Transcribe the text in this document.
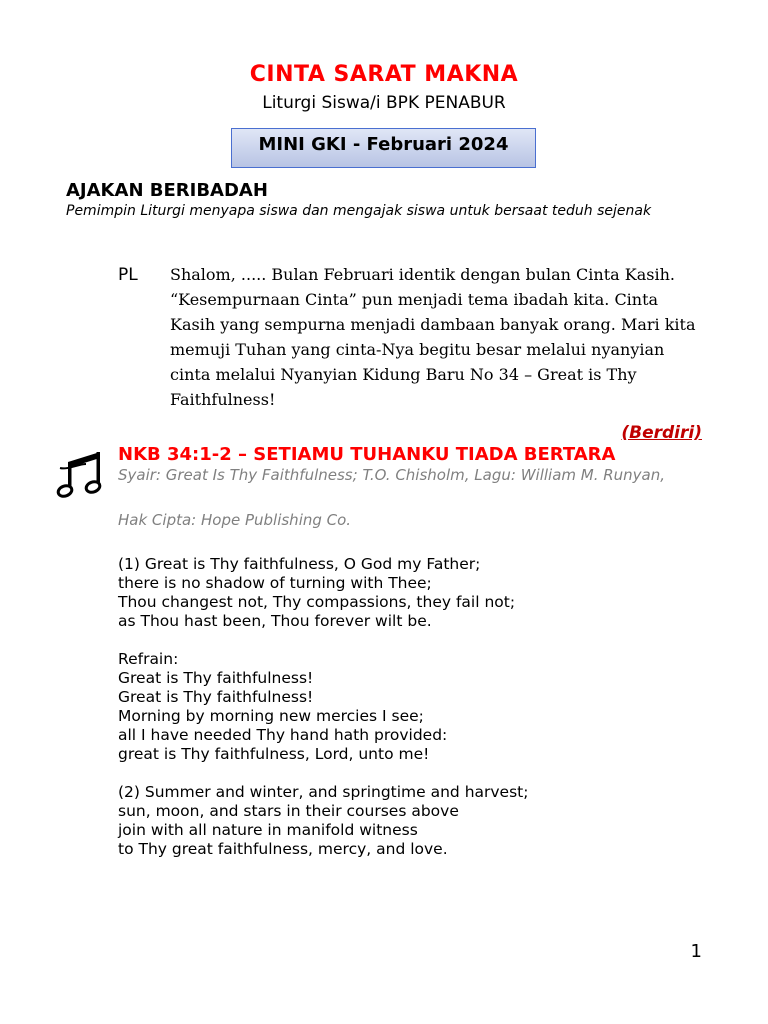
CINTA SARAT MAKNA
Liturgi Siswa/i BPK PENABUR
MINI GKI - Februari 2024
AJAKAN BERIBADAH
Pemimpin Liturgi menyapa siswa dan mengajak siswa untuk bersaat teduh sejenak
PL Shalom, ..... Bulan Februari identik dengan bulan Cinta Kasih. “Kesempurnaan Cinta” pun menjadi tema ibadah kita. Cinta Kasih yang sempurna menjadi dambaan banyak orang. Mari kita memuji Tuhan yang cinta-Nya begitu besar melalui nyanyian cinta melalui Nyanyian Kidung Baru No 34 – Great is Thy Faithfulness!
(Berdiri)
NKB 34:1-2 – SETIAMU TUHANKU TIADA BERTARA
Syair: Great Is Thy Faithfulness; T.O. Chisholm, Lagu: William M. Runyan,
Hak Cipta: Hope Publishing Co.
(1) Great is Thy faithfulness, O God my Father;
there is no shadow of turning with Thee;
Thou changest not, Thy compassions, they fail not;
as Thou hast been, Thou forever wilt be.
Refrain:
Great is Thy faithfulness!
Great is Thy faithfulness!
Morning by morning new mercies I see;
all I have needed Thy hand hath provided:
great is Thy faithfulness, Lord, unto me!
(2) Summer and winter, and springtime and harvest;
sun, moon, and stars in their courses above
join with all nature in manifold witness
to Thy great faithfulness, mercy, and love.
1
